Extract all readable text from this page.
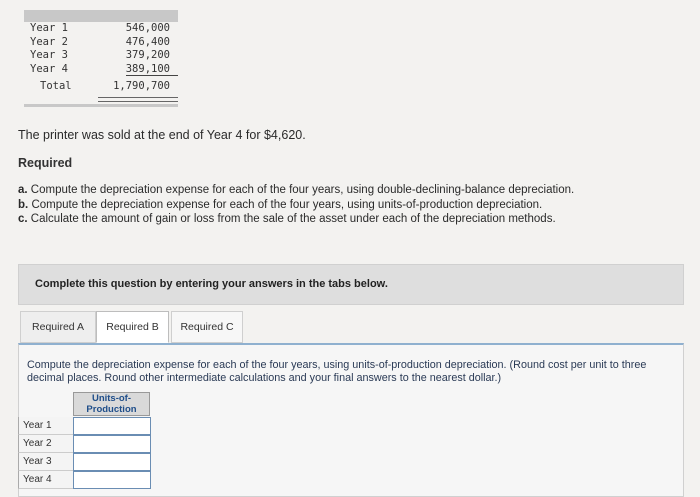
Year 1	546,000
Year 2	476,400
Year 3	379,200
Year 4	389,100
Total	1,790,700
The printer was sold at the end of Year 4 for $4,620.
Required
a. Compute the depreciation expense for each of the four years, using double-declining-balance depreciation.
b. Compute the depreciation expense for each of the four years, using units-of-production depreciation.
c. Calculate the amount of gain or loss from the sale of the asset under each of the depreciation methods.
Complete this question by entering your answers in the tabs below.
Required A	Required B	Required C
Compute the depreciation expense for each of the four years, using units-of-production depreciation. (Round cost per unit to three decimal places. Round other intermediate calculations and your final answers to the nearest dollar.)
Units-of-Production
Year 1
Year 2
Year 3
Year 4
